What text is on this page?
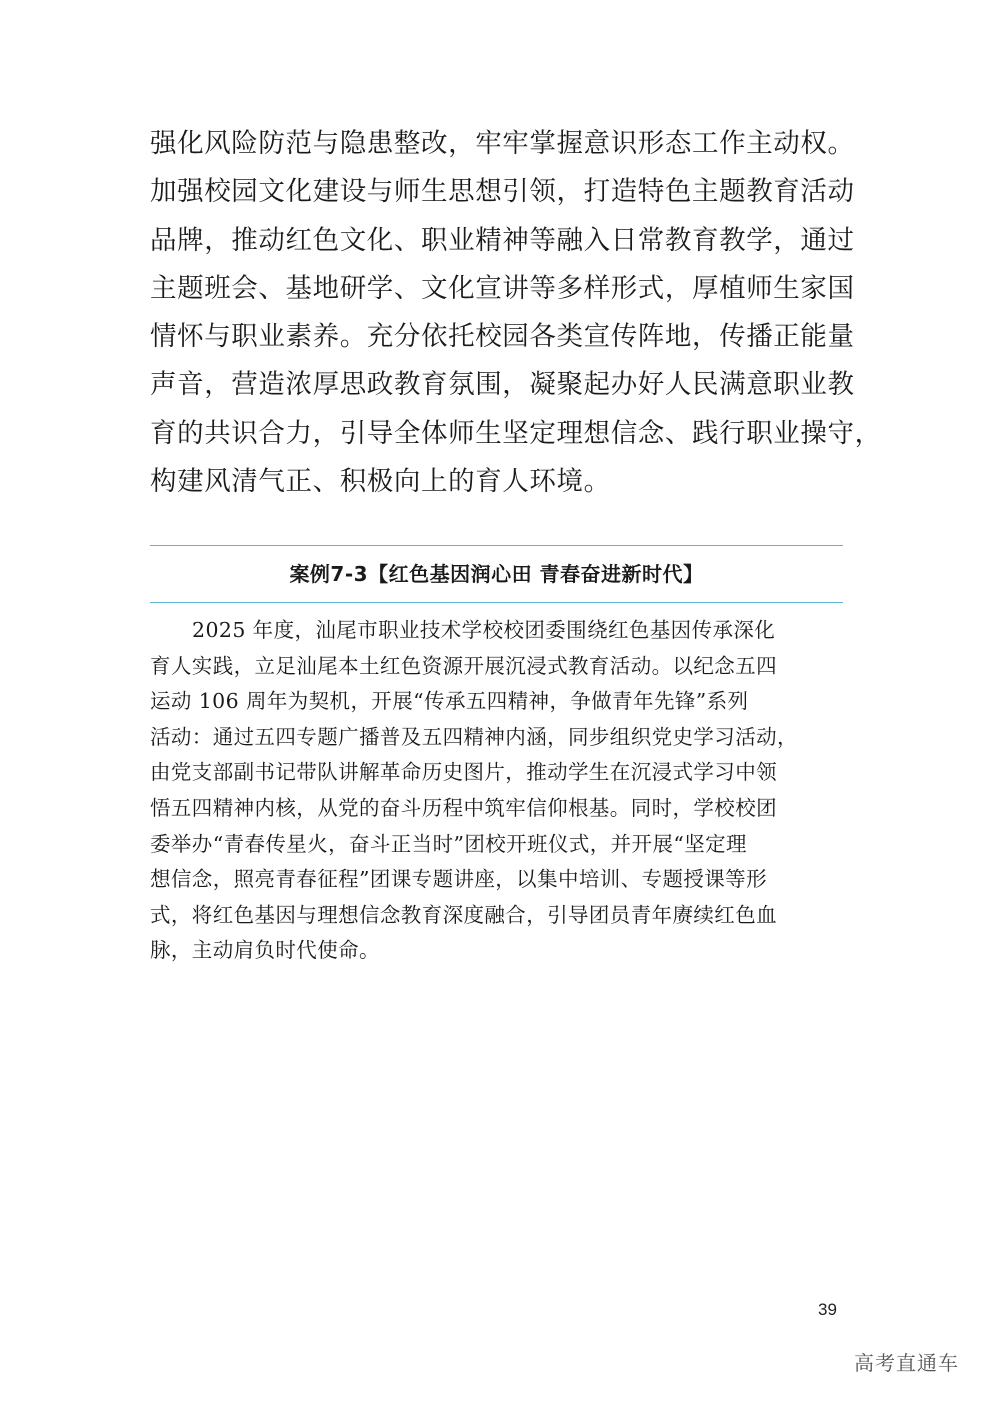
强化风险防范与隐患整改，牢牢掌握意识形态工作主动权。
加强校园文化建设与师生思想引领，打造特色主题教育活动
品牌，推动红色文化、职业精神等融入日常教育教学，通过
主题班会、基地研学、文化宣讲等多样形式，厚植师生家国
情怀与职业素养。充分依托校园各类宣传阵地，传播正能量
声音，营造浓厚思政教育氛围，凝聚起办好人民满意职业教
育的共识合力，引导全体师生坚定理想信念、践行职业操守，
构建风清气正、积极向上的育人环境。
案例7-3【红色基因润心田 青春奋进新时代】
2025 年度，汕尾市职业技术学校校团委围绕红色基因传承深化
育人实践，立足汕尾本土红色资源开展沉浸式教育活动。以纪念五四
运动 106 周年为契机，开展“传承五四精神，争做青年先锋”系列
活动：通过五四专题广播普及五四精神内涵，同步组织党史学习活动，
由党支部副书记带队讲解革命历史图片，推动学生在沉浸式学习中领
悟五四精神内核，从党的奋斗历程中筑牢信仰根基。同时，学校校团
委举办“青春传星火，奋斗正当时”团校开班仪式，并开展“坚定理
想信念，照亮青春征程”团课专题讲座，以集中培训、专题授课等形
式，将红色基因与理想信念教育深度融合，引导团员青年赓续红色血
脉，主动肩负时代使命。
39
高考直通车
